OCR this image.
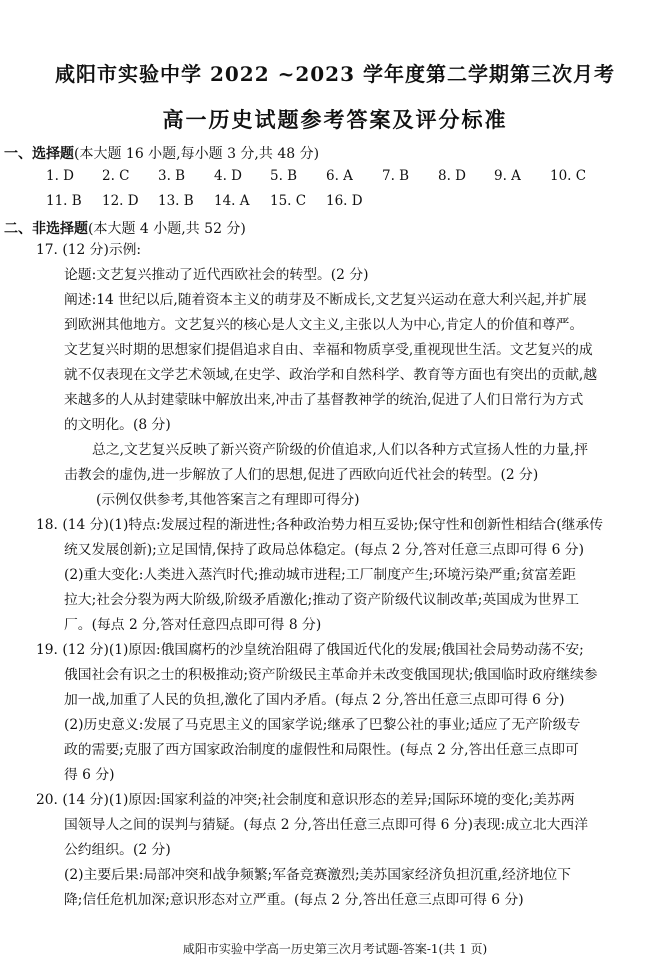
咸阳市实验中学 2022 ~2023 学年度第二学期第三次月考
高一历史试题参考答案及评分标准
一、选择题(本大题 16 小题,每小题 3 分,共 48 分)
1. D 2. C 3. B 4. D 5. B 6. A 7. B 8. D 9. A 10. C
11. B 12. D 13. B 14. A 15. C 16. D
二、非选择题(本大题 4 小题,共 52 分)
17. (12 分)示例:
论题:文艺复兴推动了近代西欧社会的转型。(2 分)
阐述:14 世纪以后,随着资本主义的萌芽及不断成长,文艺复兴运动在意大利兴起,并扩展
到欧洲其他地方。文艺复兴的核心是人文主义,主张以人为中心,肯定人的价值和尊严。
文艺复兴时期的思想家们提倡追求自由、幸福和物质享受,重视现世生活。文艺复兴的成
就不仅表现在文学艺术领域,在史学、政治学和自然科学、教育等方面也有突出的贡献,越
来越多的人从封建蒙昧中解放出来,冲击了基督教神学的统治,促进了人们日常行为方式
的文明化。(8 分)
总之,文艺复兴反映了新兴资产阶级的价值追求,人们以各种方式宣扬人性的力量,抨
击教会的虚伪,进一步解放了人们的思想,促进了西欧向近代社会的转型。(2 分)
(示例仅供参考,其他答案言之有理即可得分)
18. (14 分)(1)特点:发展过程的渐进性;各种政治势力相互妥协;保守性和创新性相结合(继承传
统又发展创新);立足国情,保持了政局总体稳定。(每点 2 分,答对任意三点即可得 6 分)
(2)重大变化:人类进入蒸汽时代;推动城市进程;工厂制度产生;环境污染严重;贫富差距
拉大;社会分裂为两大阶级,阶级矛盾激化;推动了资产阶级代议制改革;英国成为世界工
厂。(每点 2 分,答对任意四点即可得 8 分)
19. (12 分)(1)原因:俄国腐朽的沙皇统治阻碍了俄国近代化的发展;俄国社会局势动荡不安;
俄国社会有识之士的积极推动;资产阶级民主革命并未改变俄国现状;俄国临时政府继续参
加一战,加重了人民的负担,激化了国内矛盾。(每点 2 分,答出任意三点即可得 6 分)
(2)历史意义:发展了马克思主义的国家学说;继承了巴黎公社的事业;适应了无产阶级专
政的需要;克服了西方国家政治制度的虚假性和局限性。(每点 2 分,答出任意三点即可
得 6 分)
20. (14 分)(1)原因:国家利益的冲突;社会制度和意识形态的差异;国际环境的变化;美苏两
国领导人之间的误判与猜疑。(每点 2 分,答出任意三点即可得 6 分)表现:成立北大西洋
公约组织。(2 分)
(2)主要后果:局部冲突和战争频繁;军备竞赛激烈;美苏国家经济负担沉重,经济地位下
降;信任危机加深;意识形态对立严重。(每点 2 分,答出任意三点即可得 6 分)
咸阳市实验中学高一历史第三次月考试题-答案-1(共 1 页)
